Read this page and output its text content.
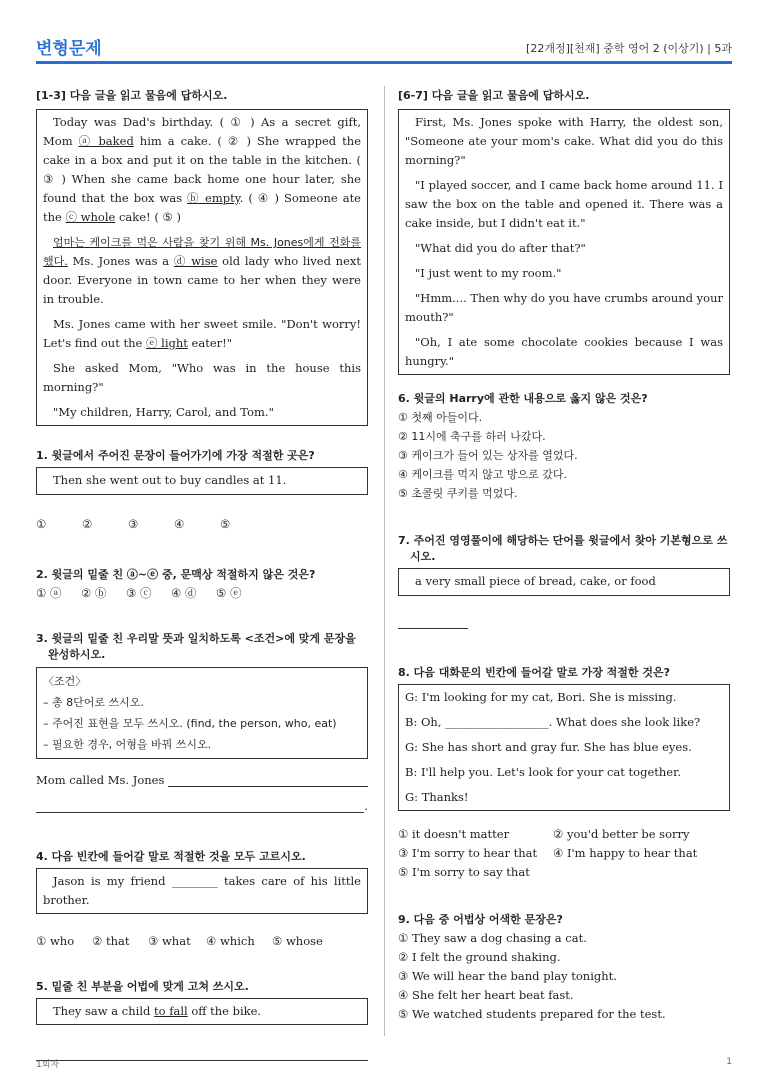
변형문제	[22개정][천재] 중학 영어 2 (이상기) | 5과
[1-3] 다음 글을 읽고 물음에 답하시오.

Today was Dad's birthday. ( ① ) As a secret gift, Mom ⓐ baked him a cake. ( ② ) She wrapped the cake in a box and put it on the table in the kitchen. ( ③ ) When she came back home one hour later, she found that the box was ⓑ empty. ( ④ ) Someone ate the ⓒ whole cake! ( ⑤ )

엄마는 케이크를 먹은 사람을 찾기 위해 Ms. Jones에게 전화를 했다. Ms. Jones was a ⓓ wise old lady who lived next door. Everyone in town came to her when they were in trouble.

Ms. Jones came with her sweet smile. "Don't worry! Let's find out the ⓔ light eater!"

She asked Mom, "Who was in the house this morning?"

"My children, Harry, Carol, and Tom."

1. 윗글에서 주어진 문장이 들어가기에 가장 적절한 곳은?
Then she went out to buy candles at 11.
①	②	③	④	⑤
2. 윗글의 밑줄 친 ⓐ~ⓔ 중, 문맥상 적절하지 않은 것은?
① ⓐ ② ⓑ ③ ⓒ ④ ⓓ ⑤ ⓔ
3. 윗글의 밑줄 친 우리말 뜻과 일치하도록 <조건>에 맞게 문장을
완성하시오.
〈조건〉
– 총 8단어로 쓰시오.
– 주어진 표현을 모두 쓰시오. (find, the person, who, eat)
– 필요한 경우, 어형을 바꿔 쓰시오.
Mom called Ms. Jones
.
4. 다음 빈칸에 들어갈 말로 적절한 것을 모두 고르시오.
Jason is my friend ________ takes care of his little brother.
① who ② that ③ what ④ which ⑤ whose
5. 밑줄 친 부분을 어법에 맞게 고쳐 쓰시오.
They saw a child to fall off the bike.
[6-7] 다음 글을 읽고 물음에 답하시오.

First, Ms. Jones spoke with Harry, the oldest son, "Someone ate your mom's cake. What did you do this morning?"

"I played soccer, and I came back home around 11. I saw the box on the table and opened it. There was a cake inside, but I didn't eat it."

"What did you do after that?"

"I just went to my room."

"Hmm.... Then why do you have crumbs around your mouth?"

"Oh, I ate some chocolate cookies because I was hungry."

6. 윗글의 Harry에 관한 내용으로 옳지 않은 것은?
① 첫째 아들이다.
② 11시에 축구를 하러 나갔다.
③ 케이크가 들어 있는 상자를 열었다.
④ 케이크를 먹지 않고 방으로 갔다.
⑤ 초콜릿 쿠키를 먹었다.
7. 주어진 영영풀이에 해당하는 단어를 윗글에서 찾아 기본형으로 쓰
시오.
a very small piece of bread, cake, or food
8. 다음 대화문의 빈칸에 들어갈 말로 가장 적절한 것은?

G: I'm looking for my cat, Bori. She is missing.

B: Oh, __________________. What does she look like?

G: She has short and gray fur. She has blue eyes.

B: I'll help you. Let's look for your cat together.

G: Thanks!

① it doesn't matter	② you'd better be sorry
③ I'm sorry to hear that	④ I'm happy to hear that
⑤ I'm sorry to say that
9. 다음 중 어법상 어색한 문장은?
① They saw a dog chasing a cat.
② I felt the ground shaking.
③ We will hear the band play tonight.
④ She felt her heart beat fast.
⑤ We watched students prepared for the test.
1회차	1
